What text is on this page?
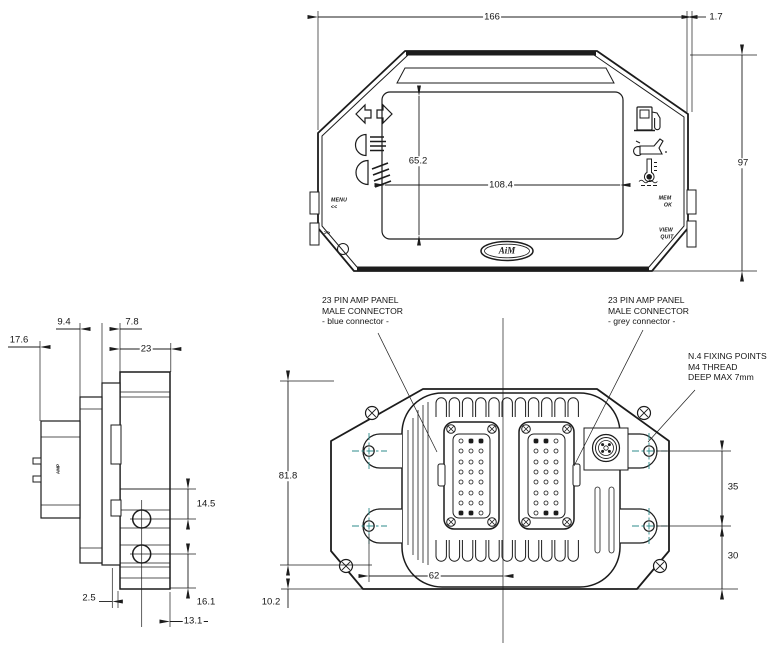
166	1.7
97
65.2
108.4
MENU
<<
>>
MEM
OK
VIEW
QUIT
AiM
9.4	7.8
17.6
23
14.5
2.5	16.1
13.1
AMP
81.8
10.2
62
35
30
23 PIN AMP PANEL
MALE CONNECTOR
- blue connector -
23 PIN AMP PANEL
MALE CONNECTOR
- grey connector -
N.4 FIXING POINTS
M4 THREAD
DEEP MAX 7mm
